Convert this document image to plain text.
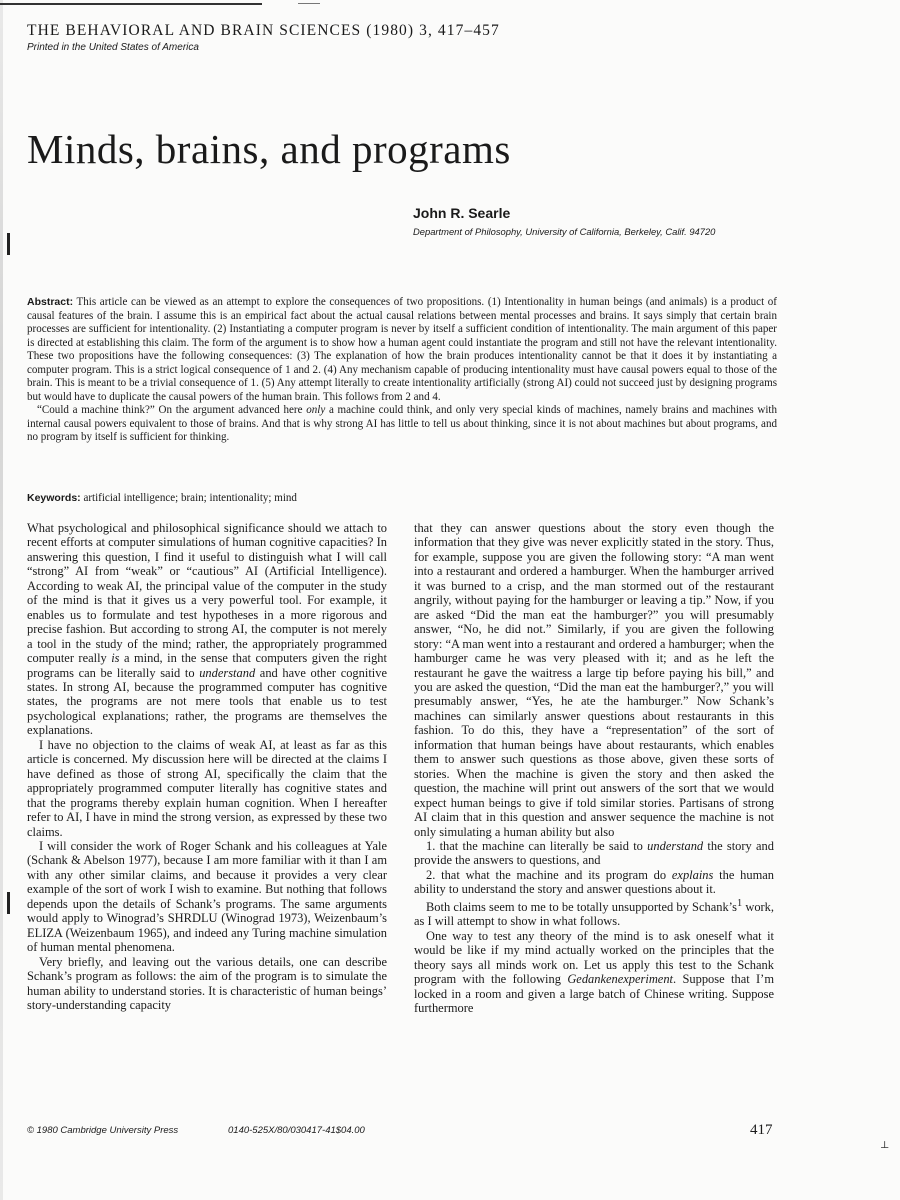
⊥
THE BEHAVIORAL AND BRAIN SCIENCES (1980) 3, 417–457
Printed in the United States of America
Minds, brains, and programs
John R. Searle
Department of Philosophy, University of California, Berkeley, Calif. 94720

Abstract: This article can be viewed as an attempt to explore the consequences of two propositions. (1) Intentionality in human beings (and animals) is a product of causal features of the brain. I assume this is an empirical fact about the actual causal relations between mental processes and brains. It says simply that certain brain processes are sufficient for intentionality. (2) Instantiating a computer program is never by itself a sufficient condition of intentionality. The main argument of this paper is directed at establishing this claim. The form of the argument is to show how a human agent could instantiate the program and still not have the relevant intentionality. These two propositions have the following consequences: (3) The explanation of how the brain produces intentionality cannot be that it does it by instantiating a computer program. This is a strict logical consequence of 1 and 2. (4) Any mechanism capable of producing intentionality must have causal powers equal to those of the brain. This is meant to be a trivial consequence of 1. (5) Any attempt literally to create intentionality artificially (strong AI) could not succeed just by designing programs but would have to duplicate the causal powers of the human brain. This follows from 2 and 4.

“Could a machine think?” On the argument advanced here only a machine could think, and only very special kinds of machines, namely brains and machines with internal causal powers equivalent to those of brains. And that is why strong AI has little to tell us about thinking, since it is not about machines but about programs, and no program by itself is sufficient for thinking.

Keywords: artificial intelligence; brain; intentionality; mind

What psychological and philosophical significance should we attach to recent efforts at computer simulations of human cognitive capacities? In answering this question, I find it useful to distinguish what I will call “strong” AI from “weak” or “cautious” AI (Artificial Intelligence). According to weak AI, the principal value of the computer in the study of the mind is that it gives us a very powerful tool. For example, it enables us to formulate and test hypotheses in a more rigorous and precise fashion. But according to strong AI, the computer is not merely a tool in the study of the mind; rather, the appropriately programmed computer really is a mind, in the sense that computers given the right programs can be literally said to understand and have other cognitive states. In strong AI, because the programmed computer has cognitive states, the programs are not mere tools that enable us to test psychological explanations; rather, the programs are themselves the explanations.

I have no objection to the claims of weak AI, at least as far as this article is concerned. My discussion here will be directed at the claims I have defined as those of strong AI, specifically the claim that the appropriately programmed computer literally has cognitive states and that the programs thereby explain human cognition. When I hereafter refer to AI, I have in mind the strong version, as expressed by these two claims.

I will consider the work of Roger Schank and his colleagues at Yale (Schank & Abelson 1977), because I am more familiar with it than I am with any other similar claims, and because it provides a very clear example of the sort of work I wish to examine. But nothing that follows depends upon the details of Schank’s programs. The same arguments would apply to Winograd’s SHRDLU (Winograd 1973), Weizenbaum’s ELIZA (Weizenbaum 1965), and indeed any Turing machine simulation of human mental phenomena.

Very briefly, and leaving out the various details, one can describe Schank’s program as follows: the aim of the program is to simulate the human ability to understand stories. It is characteristic of human beings’ story-understanding capacity

that they can answer questions about the story even though the information that they give was never explicitly stated in the story. Thus, for example, suppose you are given the following story: “A man went into a restaurant and ordered a hamburger. When the hamburger arrived it was burned to a crisp, and the man stormed out of the restaurant angrily, without paying for the hamburger or leaving a tip.” Now, if you are asked “Did the man eat the hamburger?” you will presumably answer, “No, he did not.” Similarly, if you are given the following story: “A man went into a restaurant and ordered a hamburger; when the hamburger came he was very pleased with it; and as he left the restaurant he gave the waitress a large tip before paying his bill,” and you are asked the question, “Did the man eat the hamburger?,” you will presumably answer, “Yes, he ate the hamburger.” Now Schank’s machines can similarly answer questions about restaurants in this fashion. To do this, they have a “representation” of the sort of information that human beings have about restaurants, which enables them to answer such questions as those above, given these sorts of stories. When the machine is given the story and then asked the question, the machine will print out answers of the sort that we would expect human beings to give if told similar stories. Partisans of strong AI claim that in this question and answer sequence the machine is not only simulating a human ability but also

1. that the machine can literally be said to understand the story and provide the answers to questions, and

2. that what the machine and its program do explains the human ability to understand the story and answer questions about it.

Both claims seem to me to be totally unsupported by $Schank’s^1$ work, as I will attempt to show in what follows.

One way to test any theory of the mind is to ask oneself what it would be like if my mind actually worked on the principles that the theory says all minds work on. Let us apply this test to the Schank program with the following Gedankenexperiment. Suppose that I’m locked in a room and given a large batch of Chinese writing. Suppose furthermore

© 1980 Cambridge University Press	0140-525X/80/030417-41$04.00	417
